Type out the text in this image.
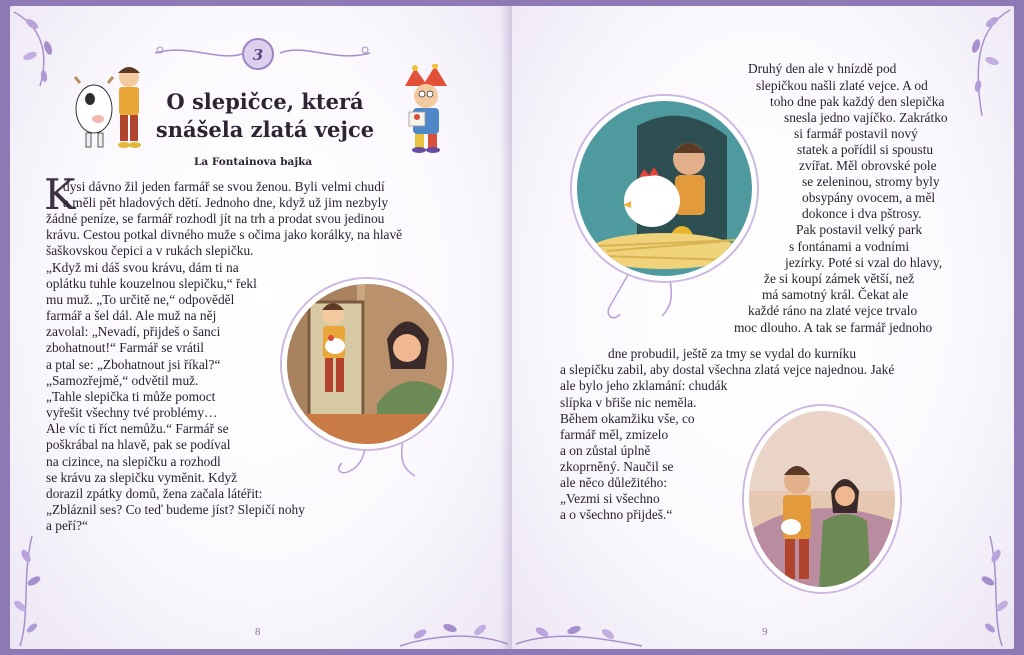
3
O slepičce, která
snášela zlatá vejce
La Fontainova bajka
K
dysi dávno žil jeden farmář se svou ženou. Byli velmi chudí
a měli pět hladových dětí. Jednoho dne, když už jim nezbyly
žádné peníze, se farmář rozhodl jít na trh a prodat svou jedinou
krávu. Cestou potkal divného muže s očima jako korálky, na hlavě
šaškovskou čepici a v rukách slepičku.
„Když mi dáš svou krávu, dám ti na
oplátku tuhle kouzelnou slepičku,“ řekl
mu muž. „To určitě ne,“ odpověděl
farmář a šel dál. Ale muž na něj
zavolal: „Nevadí, přijdeš o šanci
zbohatnout!“ Farmář se vrátil
a ptal se: „Zbohatnout jsi říkal?“
„Samozřejmě,“ odvětil muž.
„Tahle slepička ti může pomoct
vyřešit všechny tvé problémy…
Ale víc ti říct nemůžu.“ Farmář se
poškrábal na hlavě, pak se podíval
na cizince, na slepičku a rozhodl
se krávu za slepičku vyměnit. Když
dorazil zpátky domů, žena začala látéřit:
„Zbláznil ses? Co teď budeme jíst? Slepičí nohy
a peří?“
8
Druhý den ale v hnízdě pod
slepičkou našli zlaté vejce. A od
toho dne pak každý den slepička
snesla jedno vajíčko. Zakrátko
si farmář postavil nový
statek a pořídil si spoustu
zvířat. Měl obrovské pole
se zeleninou, stromy byly
obsypány ovocem, a měl
dokonce i dva pštrosy.
Pak postavil velký park
s fontánami a vodními
jezírky. Poté si vzal do hlavy,
že si koupí zámek větší, než
má samotný král. Čekat ale
každé ráno na zlaté vejce trvalo
moc dlouho. A tak se farmář jednoho
dne probudil, ještě za tmy se vydal do kurníku
a slepičku zabil, aby dostal všechna zlatá vejce najednou. Jaké
ale bylo jeho zklamání: chudák
slípka v břiše nic neměla.
Během okamžiku vše, co
farmář měl, zmizelo
a on zůstal úplně
zkoprněný. Naučil se
ale něco důležitého:
„Vezmi si všechno
a o všechno přijdeš.“
9
